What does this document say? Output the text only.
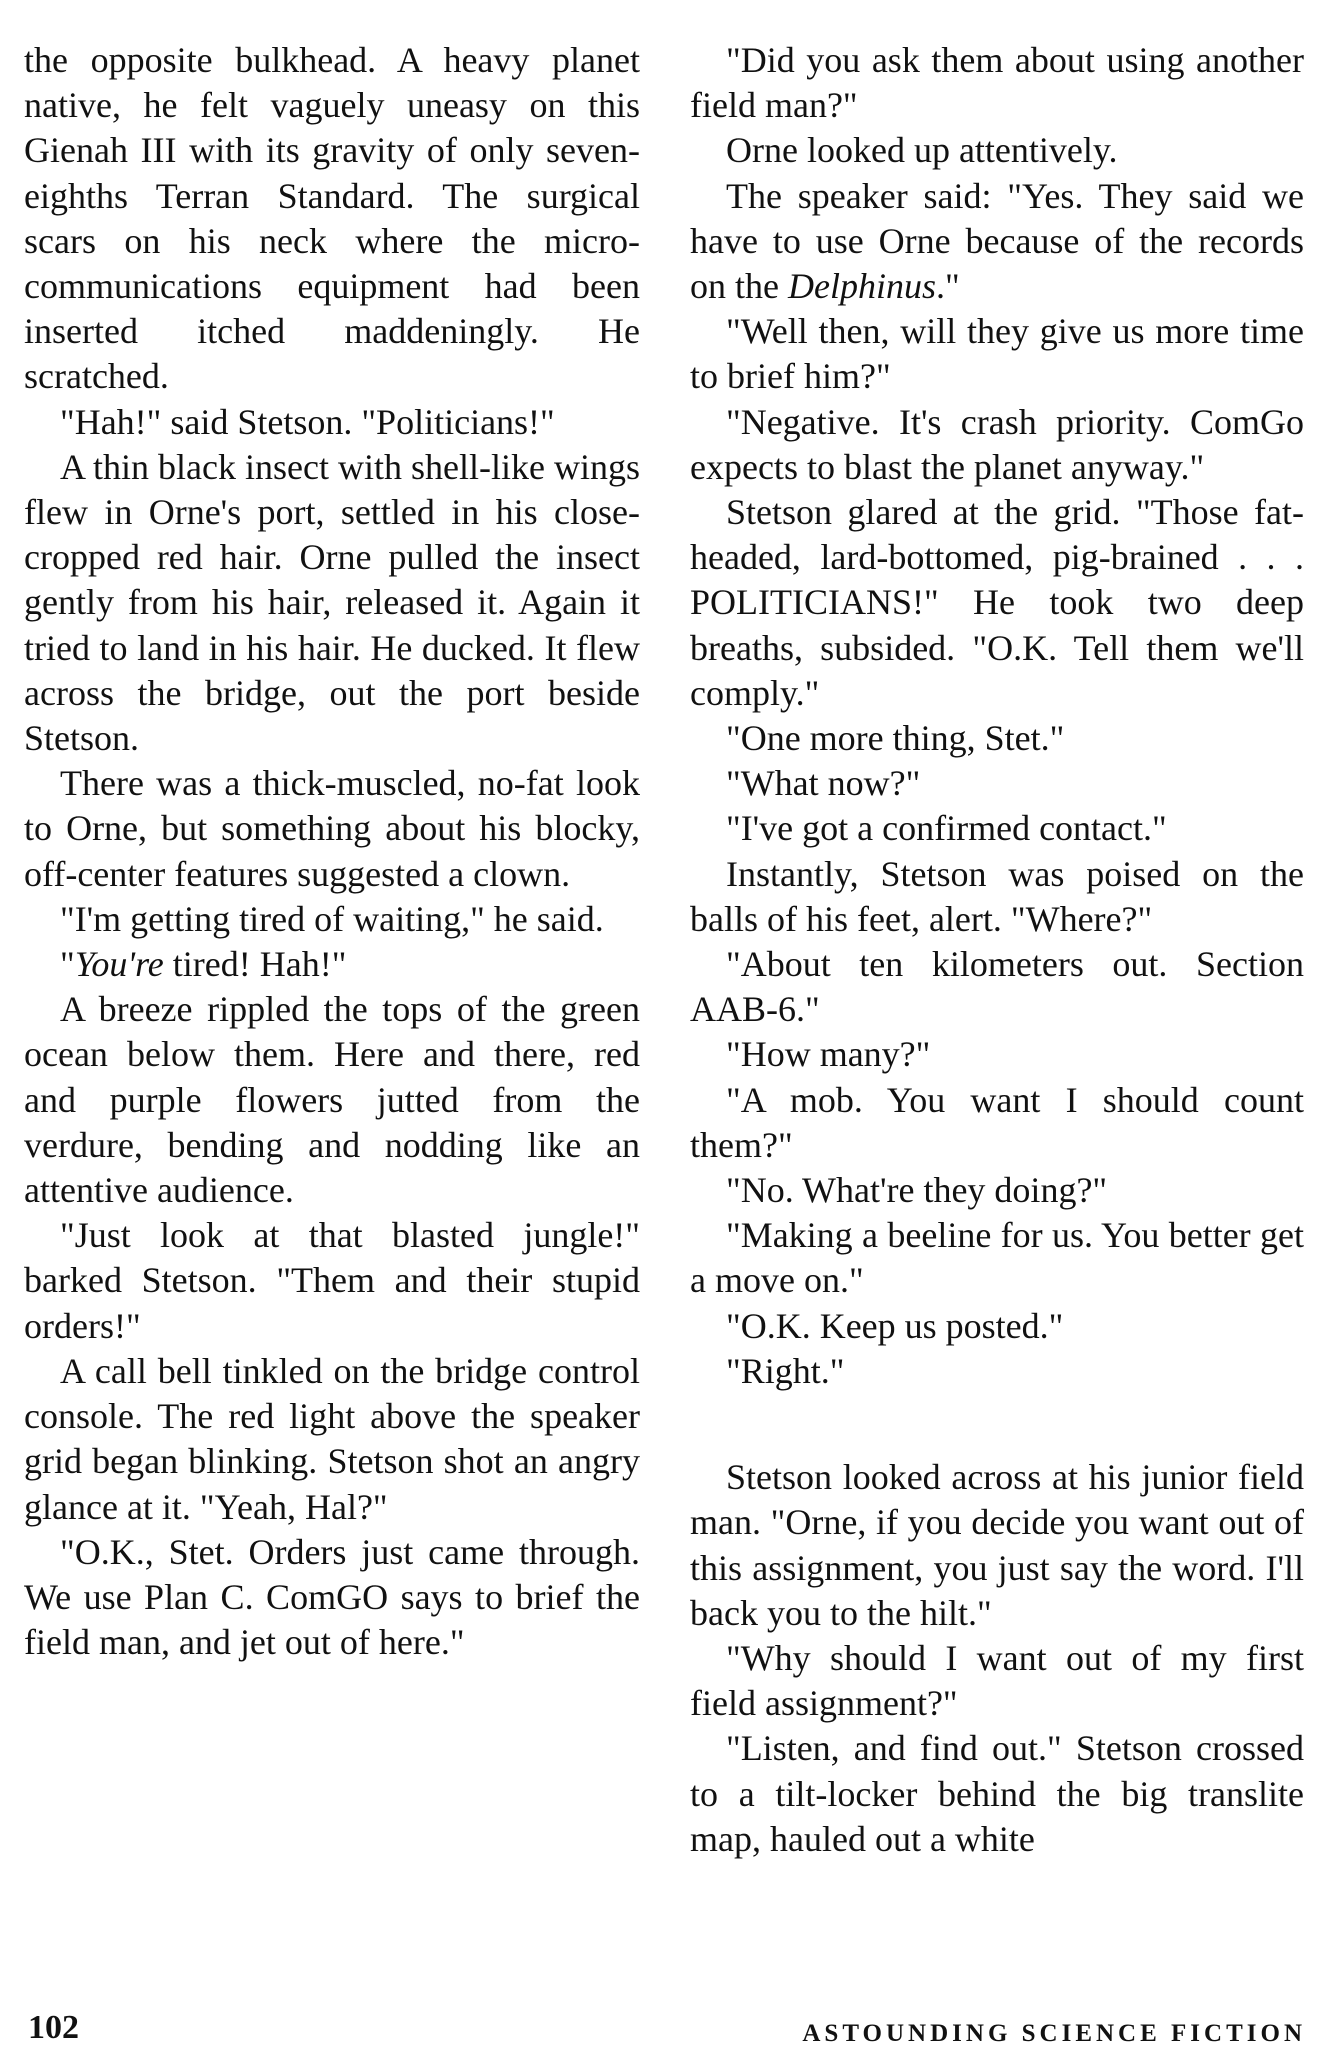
the opposite bulkhead. A heavy planet native, he felt vaguely uneasy on this Gienah III with its gravity of only seven-eighths Terran Standard. The surgical scars on his neck where the micro-communications equipment had been inserted itched maddeningly. He scratched.

"Hah!" said Stetson. "Politicians!"

A thin black insect with shell-like wings flew in Orne's port, settled in his close-cropped red hair. Orne pulled the insect gently from his hair, released it. Again it tried to land in his hair. He ducked. It flew across the bridge, out the port beside Stetson.

There was a thick-muscled, no-fat look to Orne, but something about his blocky, off-center features suggested a clown.

"I'm getting tired of waiting," he said.

"You're tired! Hah!"

A breeze rippled the tops of the green ocean below them. Here and there, red and purple flowers jutted from the verdure, bending and nodding like an attentive audience.

"Just look at that blasted jungle!" barked Stetson. "Them and their stupid orders!"

A call bell tinkled on the bridge control console. The red light above the speaker grid began blinking. Stetson shot an angry glance at it. "Yeah, Hal?"

"O.K., Stet. Orders just came through. We use Plan C. ComGO says to brief the field man, and jet out of here."

"Did you ask them about using another field man?"

Orne looked up attentively.

The speaker said: "Yes. They said we have to use Orne because of the records on the Delphinus."

"Well then, will they give us more time to brief him?"

"Negative. It's crash priority. ComGo expects to blast the planet anyway."

Stetson glared at the grid. "Those fat-headed, lard-bottomed, pig-brained . . . POLITICIANS!" He took two deep breaths, subsided. "O.K. Tell them we'll comply."

"One more thing, Stet."

"What now?"

"I've got a confirmed contact."

Instantly, Stetson was poised on the balls of his feet, alert. "Where?"

"About ten kilometers out. Section AAB-6."

"How many?"

"A mob. You want I should count them?"

"No. What're they doing?"

"Making a beeline for us. You better get a move on."

"O.K. Keep us posted."

"Right."

Stetson looked across at his junior field man. "Orne, if you decide you want out of this assignment, you just say the word. I'll back you to the hilt."

"Why should I want out of my first field assignment?"

"Listen, and find out." Stetson crossed to a tilt-locker behind the big translite map, hauled out a white

102	ASTOUNDING SCIENCE FICTION
